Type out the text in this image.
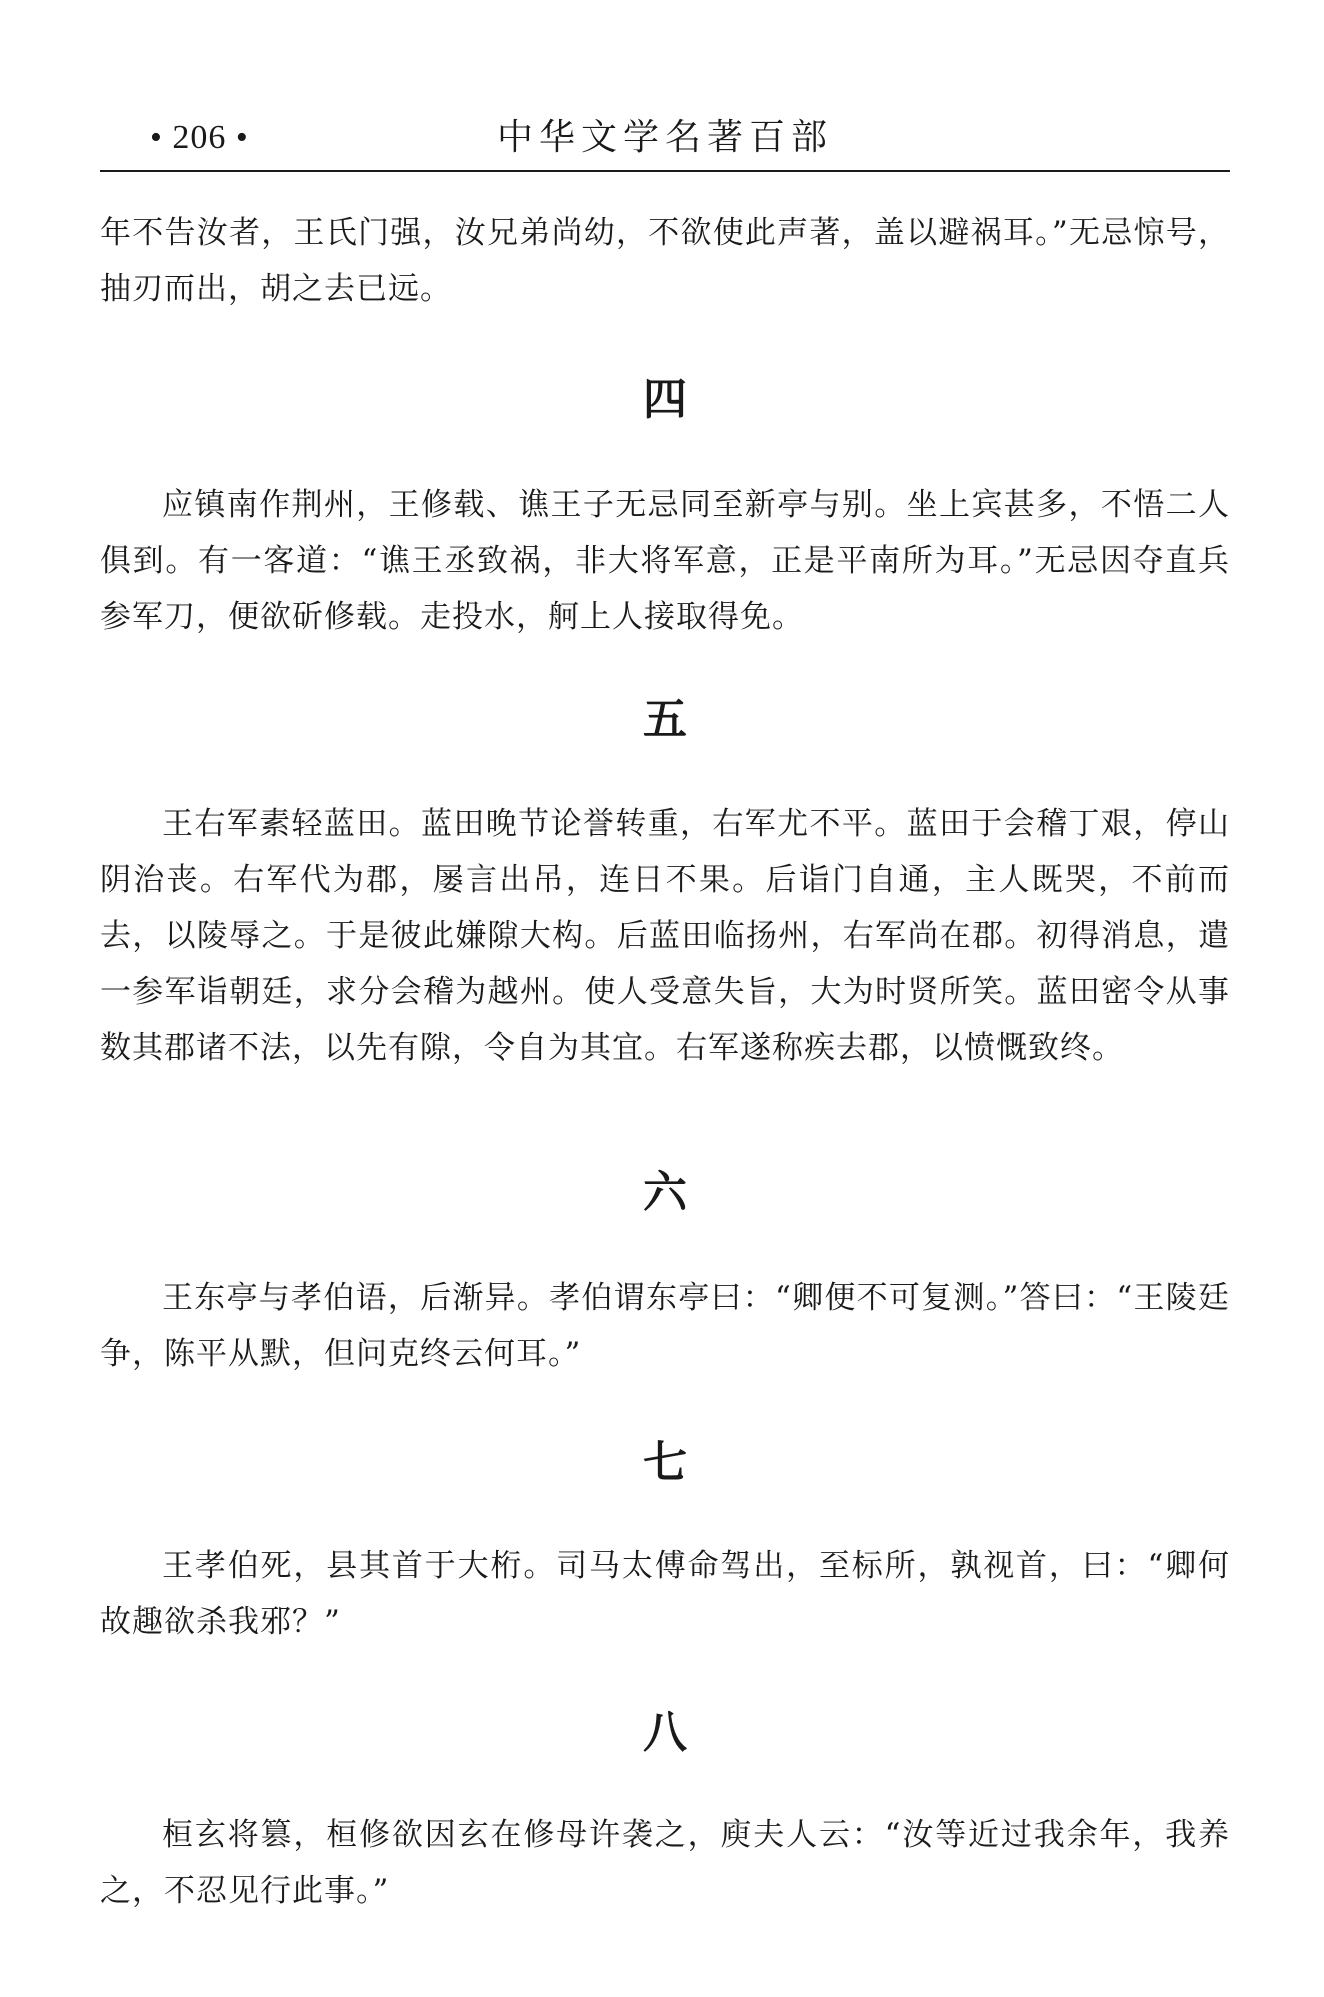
• 206 •	中华文学名著百部

年不告汝者，王氏门强，汝兄弟尚幼，不欲使此声著，盖以避祸耳。”无忌惊号，抽刃而出，胡之去已远。

四

应镇南作荆州，王修载、谯王子无忌同至新亭与别。坐上宾甚多，不悟二人俱到。有一客道：“谯王丞致祸，非大将军意，正是平南所为耳。”无忌因夺直兵参军刀，便欲斫修载。走投水，舸上人接取得免。

五

王右军素轻蓝田。蓝田晚节论誉转重，右军尤不平。蓝田于会稽丁艰，停山阴治丧。右军代为郡，屡言出吊，连日不果。后诣门自通，主人既哭，不前而去，以陵辱之。于是彼此嫌隙大构。后蓝田临扬州，右军尚在郡。初得消息，遣一参军诣朝廷，求分会稽为越州。使人受意失旨，大为时贤所笑。蓝田密令从事数其郡诸不法，以先有隙，令自为其宜。右军遂称疾去郡，以愤慨致终。

六

王东亭与孝伯语，后渐异。孝伯谓东亭曰：“卿便不可复测。”答曰：“王陵廷争，陈平从默，但问克终云何耳。”

七

王孝伯死，县其首于大桁。司马太傅命驾出，至标所，孰视首，曰：“卿何故趣欲杀我邪？”

八

桓玄将篡，桓修欲因玄在修母许袭之，庾夫人云：“汝等近过我余年，我养之，不忍见行此事。”
